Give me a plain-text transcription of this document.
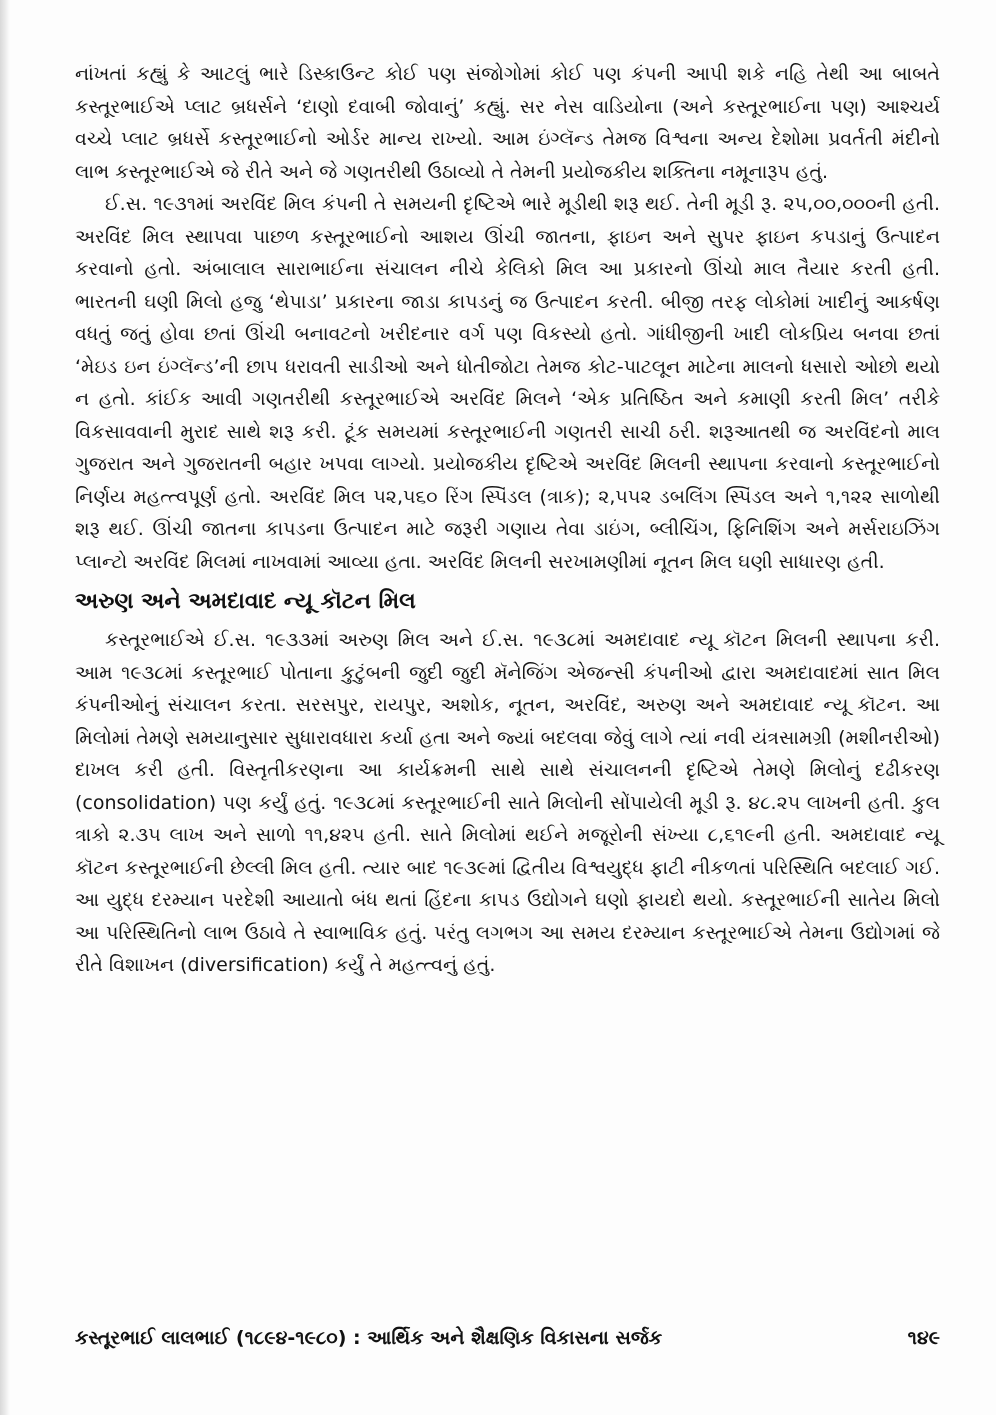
નાંખતાં કહ્યું કે આટલું ભારે ડિસ્કાઉન્ટ કોઈ પણ સંજોગોમાં કોઈ પણ કંપની આપી શકે નહિ તેથી આ બાબતે કસ્તૂરભાઈએ પ્લાટ બ્રધર્સને ‘દાણો દવાબી જોવાનું’ કહ્યું. સર નેસ વાડિયોના (અને કસ્તૂરભાઈના પણ) આશ્ચર્ય વચ્ચે પ્લાટ બ્રધર્સે કસ્તૂરભાઈનો ઓર્ડર માન્ય રાખ્યો. આમ ઇંગ્લૅન્ડ તેમજ વિશ્વના અન્ય દેશોમા પ્રવર્તતી મંદીનો લાભ કસ્તૂરભાઈએ જે રીતે અને જે ગણતરીથી ઉઠાવ્યો તે તેમની પ્રયોજકીય શક્તિના નમૂનારૂપ હતું.

ઈ.સ. ૧૯૩૧માં અરવિંદ મિલ કંપની તે સમયની દૃષ્ટિએ ભારે મૂડીથી શરૂ થઈ. તેની મૂડી રૂ. ૨૫,૦૦,૦૦૦ની હતી. અરવિંદ મિલ સ્થાપવા પાછળ કસ્તૂરભાઈનો આશય ઊંચી જાતના, ફાઇન અને સુપર ફાઇન કપડાનું ઉત્પાદન કરવાનો હતો. અંબાલાલ સારાભાઈના સંચાલન નીચે કેલિકો મિલ આ પ્રકારનો ઊંચો માલ તૈયાર કરતી હતી. ભારતની ઘણી મિલો હજુ ‘થેપાડા’ પ્રકારના જાડા કાપડનું જ ઉત્પાદન કરતી. બીજી તરફ લોકોમાં ખાદીનું આકર્ષણ વધતું જતું હોવા છતાં ઊંચી બનાવટનો ખરીદનાર વર્ગ પણ વિકસ્યો હતો. ગાંધીજીની ખાદી લોકપ્રિય બનવા છતાં ‘મેઇડ ઇન ઇંગ્લૅન્ડ’ની છાપ ધરાવતી સાડીઓ અને ધોતીજોટા તેમજ કોટ-પાટલૂન માટેના માલનો ધસારો ઓછો થયો ન હતો. કાંઈક આવી ગણતરીથી કસ્તૂરભાઈએ અરવિંદ મિલને ‘એક પ્રતિષ્ઠિત અને કમાણી કરતી મિલ’ તરીકે વિકસાવવાની મુરાદ સાથે શરૂ કરી. ટૂંક સમયમાં કસ્તૂરભાઈની ગણતરી સાચી ઠરી. શરૂઆતથી જ અરવિંદનો માલ ગુજરાત અને ગુજરાતની બહાર ખપવા લાગ્યો. પ્રયોજકીય દૃષ્ટિએ અરવિંદ મિલની સ્થાપના કરવાનો કસ્તૂરભાઈનો નિર્ણય મહત્ત્વપૂર્ણ હતો. અરવિંદ મિલ ૫૨,૫૬૦ રિંગ સ્પિંડલ (ત્રાક); ૨,૫૫૨ ડબલિંગ સ્પિંડલ અને ૧,૧૨૨ સાળોથી શરૂ થઈ. ઊંચી જાતના કાપડના ઉત્પાદન માટે જરૂરી ગણાય તેવા ડાઇંગ, બ્લીચિંગ, ફિનિશિંગ અને મર્સરાઇઝિંગ પ્લાન્ટો અરવિંદ મિલમાં નાખવામાં આવ્યા હતા. અરવિંદ મિલની સરખામણીમાં નૂતન મિલ ઘણી સાધારણ હતી.

અરુણ અને અમદાવાદ ન્યૂ કૉટન મિલ

કસ્તૂરભાઈએ ઈ.સ. ૧૯૩૩માં અરુણ મિલ અને ઈ.સ. ૧૯૩૮માં અમદાવાદ ન્યૂ કૉટન મિલની સ્થાપના કરી. આમ ૧૯૩૮માં કસ્તૂરભાઈ પોતાના કુટુંબની જુદી જુદી મૅનેજિંગ એજન્સી કંપનીઓ દ્વારા અમદાવાદમાં સાત મિલ કંપનીઓનું સંચાલન કરતા. સરસપુર, રાયપુર, અશોક, નૂતન, અરવિંદ, અરુણ અને અમદાવાદ ન્યૂ કૉટન. આ મિલોમાં તેમણે સમયાનુસાર સુધારાવધારા કર્યા હતા અને જ્યાં બદલવા જેવું લાગે ત્યાં નવી યંત્રસામગ્રી (મશીનરીઓ) દાખલ કરી હતી. વિસ્તૃતીકરણના આ કાર્યક્રમની સાથે સાથે સંચાલનની દૃષ્ટિએ તેમણે મિલોનું દઢીકરણ (consolidation) પણ કર્યું હતું. ૧૯૩૮માં કસ્તૂરભાઈની સાતે મિલોની સોંપાયેલી મૂડી રૂ. ૪૮.૨૫ લાખની હતી. કુલ ત્રાકો ૨.૩૫ લાખ અને સાળો ૧૧,૪૨૫ હતી. સાતે મિલોમાં થઈને મજૂરોની સંખ્યા ૮,૬૧૯ની હતી. અમદાવાદ ન્યૂ કૉટન કસ્તૂરભાઈની છેલ્લી મિલ હતી. ત્યાર બાદ ૧૯૩૯માં દ્વિતીય વિશ્વયુદ્ધ ફાટી નીકળતાં પરિસ્થિતિ બદલાઈ ગઈ. આ યુદ્ધ દરમ્યાન પરદેશી આયાતો બંધ થતાં હિંદના કાપડ ઉદ્યોગને ઘણો ફાયદો થયો. કસ્તૂરભાઈની સાતેય મિલો આ પરિસ્થિતિનો લાભ ઉઠાવે તે સ્વાભાવિક હતું. પરંતુ લગભગ આ સમય દરમ્યાન કસ્તૂરભાઈએ તેમના ઉદ્યોગમાં જે રીતે વિશાખન (diversification) કર્યું તે મહત્ત્વનું હતું.

કસ્તૂરભાઈ લાલભાઈ (૧૮૯૪-૧૯૮૦) : આર્થિક અને શૈક્ષણિક વિકાસના સર્જક	૧૪૯
